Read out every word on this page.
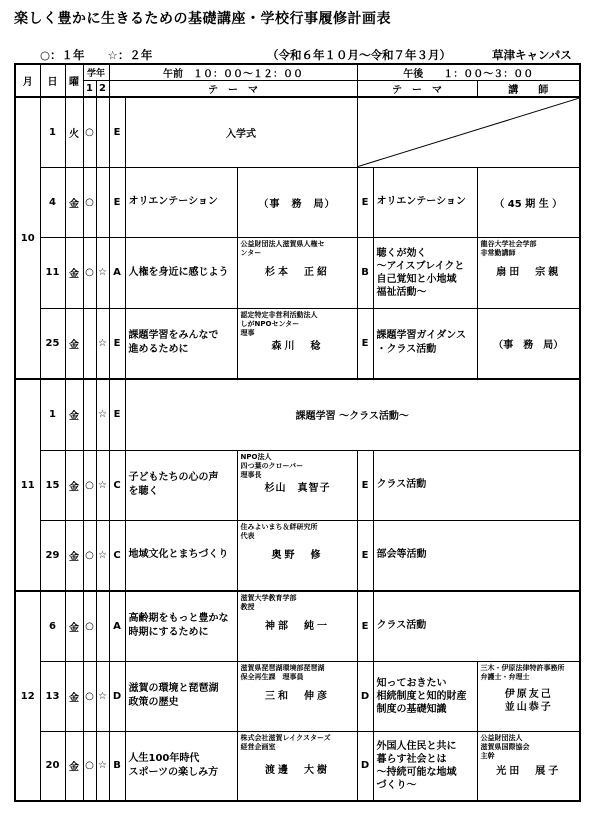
楽しく豊かに生きるための基礎講座・学校行事履修計画表
○：１年　　☆：２年	（令和６年１０月～令和７年３月）	草津キャンパス
月	日	曜	学年		午前　１０：００～１２：００			午後　　１：００～３：００		
			1	2	テ　ー　マ			テ　ー　マ		講　　師

10	1	火	○		E	入学式	

	4	金	○		E	オリエンテーション	（事　務　局）	E	オリエンテーション	（ 45 期 生 ）
	11	金	○	☆	A	人権を身近に感じよう	公益財団法人滋賀県人権セ
ンター
杉本　正紹	B	聴くが効く
～アイスブレイクと
自己覚知と小地域
福祉活動～	龍谷大学社会学部
非常勤講師
扇田　宗親

	25	金		☆	E	課題学習をみんなで
進めるために	認定特定非営利活動法人
しがNPOセンター
理事
森川　稔	E	課題学習ガイダンス
・クラス活動	（事　務　局）
11	1	金		☆	E	課題学習 ～クラス活動～				
	15	金	○	☆	C	子どもたちの心の声
を聴く	NPO法人
四つ葉のクローバー
理事長
杉山　真智子	E	クラス活動	
	29	金	○	☆	C	地域文化とまちづくり	住みよいまち＆絆研究所
代表
奥野　修	E	部会等活動	
12	6	金	○		A	高齢期をもっと豊かな
時期にするために	滋賀大学教育学部
教授
神部　純一	E	クラス活動	
	13	金	○	☆	D	滋賀の環境と琵琶湖
政策の歴史	滋賀県琵琶湖環境部琵琶湖
保全再生課　理事員
三和　伸彦	D	知っておきたい
相続制度と知的財産
制度の基礎知識	三木・伊原法律特許事務所
弁護士・弁理士
伊原友己
並山恭子

	20	金	○	☆	B	人生100年時代
スポーツの楽しみ方	株式会社滋賀レイクスターズ
経営企画室
渡邊　大樹	D	外国人住民と共に
暮らす社会とは
～持続可能な地域
づくり～	公益財団法人
滋賀県国際協会
主幹
光田　展子
